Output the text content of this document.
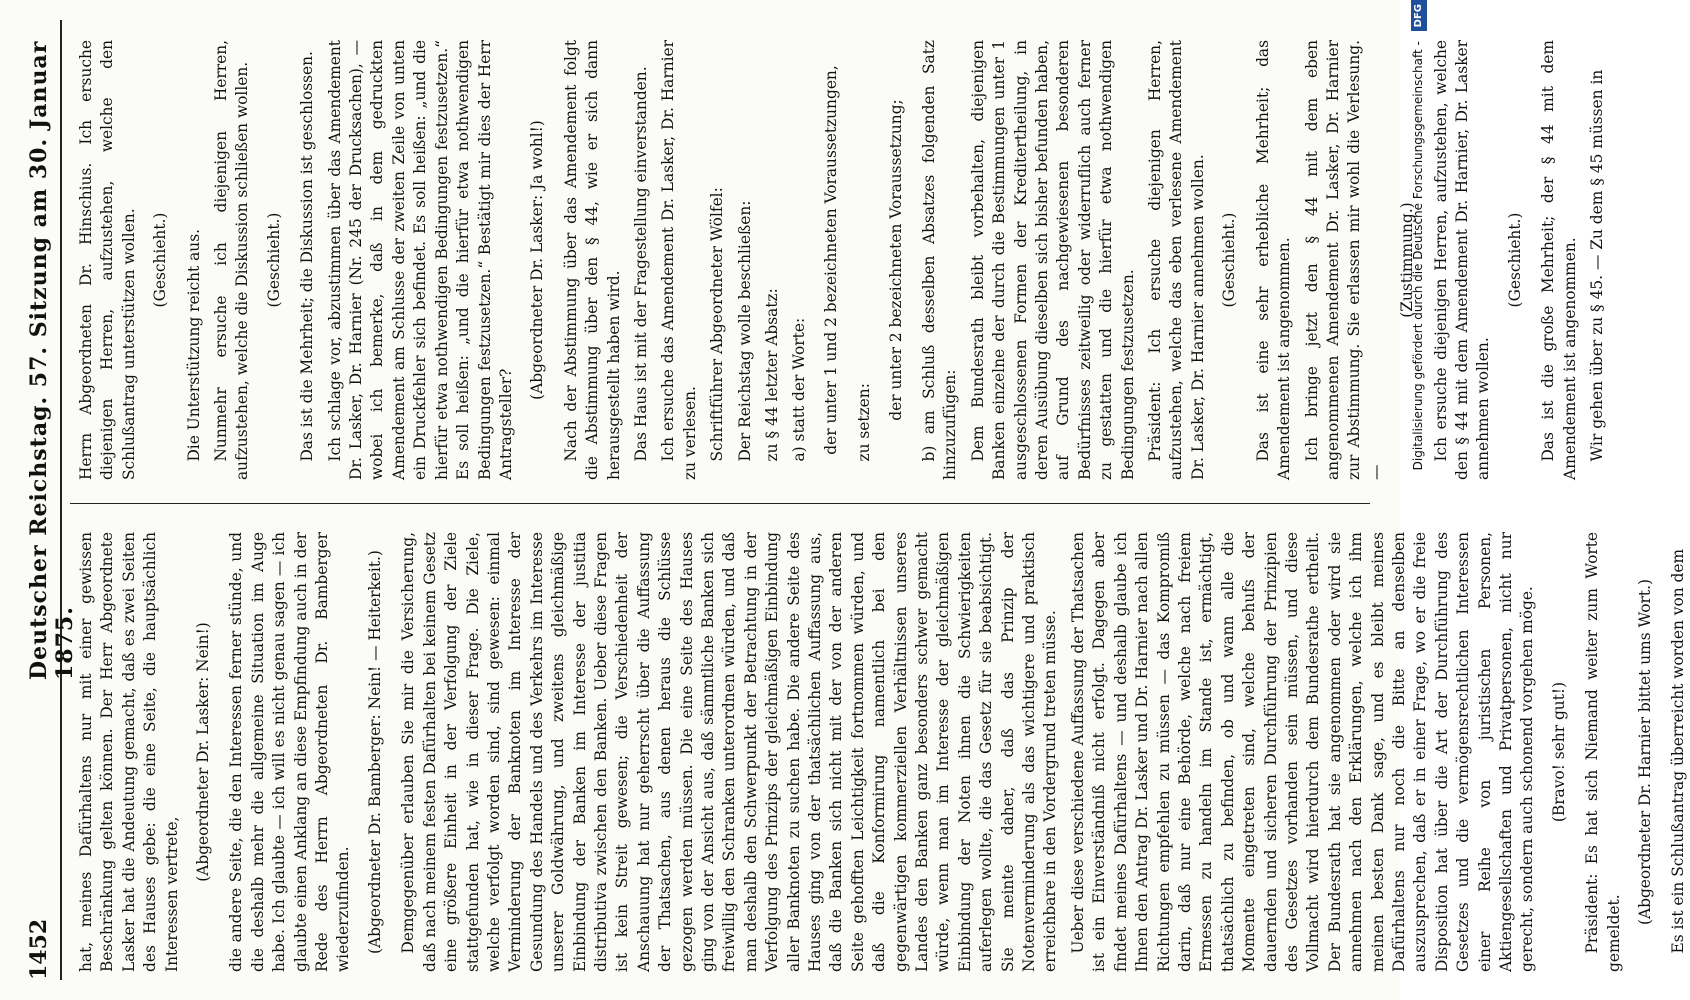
1452
Deutscher Reichstag. 57. Sitzung am 30. Januar 1875. hat, meines Dafürhaltens nur mit einer gewissen Beschränkung gelten können. Der Herr Abgeordnete Lasker hat die Andeutung gemacht, daß es zwei Seiten des Hauses gebe: die eine Seite, die hauptsächlich Interessen vertrete,

(Abgeordneter Dr. Lasker: Nein!) die andere Seite, die den Interessen ferner stünde, und die deshalb mehr die allgemeine Situation im Auge habe. Ich glaubte — ich will es nicht genau sagen — ich glaubte einen Anklang an diese Empfindung auch in der Rede des Herrn Abgeordneten Dr. Bamberger wiederzufinden. (Abgeordneter Dr. Bamberger: Nein! — Heiterkeit.) Demgegenüber erlauben Sie mir die Versicherung, daß nach meinem festen Dafürhalten bei keinem Gesetz eine größere Einheit in der Verfolgung der Ziele stattgefunden hat, wie in dieser Frage. Die Ziele, welche verfolgt worden sind, sind gewesen: einmal Verminderung der Banknoten im Interesse der Gesundung des Handels und des Verkehrs im Interesse unserer Goldwährung, und zweitens gleichmäßige Einbindung der Banken im Interesse der justitia distributiva zwischen den Banken. Ueber diese Fragen ist kein Streit gewesen; die Verschiedenheit der Anschauung hat nur geherrscht über die Auffassung der Thatsachen, aus denen heraus die Schlüsse gezogen werden müssen. Die eine Seite des Hauses ging von der Ansicht aus, daß sämmtliche Banken sich freiwillig den Schranken unterordnen würden, und daß man deshalb den Schwerpunkt der Betrachtung in der Verfolgung des Prinzips der gleichmäßigen Einbindung aller Banknoten zu suchen habe. Die andere Seite des Hauses ging von der thatsächlichen Auffassung aus, daß die Banken sich nicht mit der von der anderen Seite gehofften Leichtigkeit fortnommen würden, und daß die Konformirung namentlich bei den gegenwärtigen kommerziellen Verhältnissen unseres Landes den Banken ganz besonders schwer gemacht würde, wenn man im Interesse der gleichmäßigen Einbindung der Noten ihnen die Schwierigkeiten auferlegen wollte, die das Gesetz für sie beabsichtigt. Sie meinte daher, daß das Prinzip der Notenverminderung als das wichtigere und praktisch erreichbare in den Vordergrund treten müsse. Ueber diese verschiedene Auffassung der Thatsachen ist ein Einverständniß nicht erfolgt. Dagegen aber findet meines Dafürhaltens — und deshalb glaube ich Ihnen den Antrag Dr. Lasker und Dr. Harnier nach allen Richtungen empfehlen zu müssen — das Kompromiß darin, daß nur eine Behörde, welche nach freiem Ermessen zu handeln im Stande ist, ermächtigt, thatsächlich zu befinden, ob und wann alle die Momente eingetreten sind, welche behufs der dauernden und sicheren Durchführung der Prinzipien des Gesetzes vorhanden sein müssen, und diese Vollmacht wird hierdurch dem Bundesrathe ertheilt. Der Bundesrath hat sie angenommen oder wird sie annehmen nach den Erklärungen, welche ich ihm meinen besten Dank sage, und es bleibt meines Dafürhaltens nur noch die Bitte an denselben auszusprechen, daß er in einer Frage, wo er die freie Disposition hat über die Art der Durchführung des Gesetzes und die vermögensrechtlichen Interessen einer Reihe von juristischen Personen, Aktiengesellschaften und Privatpersonen, nicht nur gerecht, sondern auch schonend vorgehen möge. (Bravo! sehr gut!) Präsident: Es hat sich Niemand weiter zum Worte gemeldet.

(Abgeordneter Dr. Harnier bittet ums Wort.) Es ist ein Schlußantrag überreicht worden von dem

Herrn Abgeordneten Dr. Hinschius. Ich ersuche diejenigen Herren, aufzustehen, welche den Schlußantrag unterstützen wollen. (Geschieht.) Die Unterstützung reicht aus. Nunmehr ersuche ich diejenigen Herren, aufzustehen, welche die Diskussion schließen wollen. (Geschieht.) Das ist die Mehrheit; die Diskussion ist geschlossen. Ich schlage vor, abzustimmen über das Amendement Dr. Lasker, Dr. Harnier (Nr. 245 der Drucksachen), — wobei ich bemerke, daß in dem gedruckten Amendement am Schlusse der zweiten Zeile von unten ein Druckfehler sich befindet. Es soll heißen: „und die hierfür etwa nothwendigen Bedingungen festzusetzen.“ Es soll heißen: „und die hierfür etwa nothwendigen Bedingungen festzusetzen.“ Bestätigt mir dies der Herr Antragsteller?

(Abgeordneter Dr. Lasker: Ja wohl!) Nach der Abstimmung über das Amendement folgt die Abstimmung über den § 44, wie er sich dann herausgestellt haben wird. Das Haus ist mit der Fragestellung einverstanden. Ich ersuche das Amendement Dr. Lasker, Dr. Harnier zu verlesen. Schriftführer Abgeordneter Wölfel: Der Reichstag wolle beschließen: zu § 44 letzter Absatz: a) statt der Worte: der unter 1 und 2 bezeichneten Voraussetzungen, zu setzen:

der unter 2 bezeichneten Voraussetzung; b) am Schluß desselben Absatzes folgenden Satz hinzuzufügen: Dem Bundesrath bleibt vorbehalten, diejenigen Banken einzelne der durch die Bestimmungen unter 1 ausgeschlossenen Formen der Kreditertheilung, in deren Ausübung dieselben sich bisher befunden haben, auf Grund des nachgewiesenen besonderen Bedürfnisses zeitweilig oder widerruflich auch ferner zu gestatten und die hierfür etwa nothwendigen Bedingungen festzusetzen. Präsident: Ich ersuche diejenigen Herren, aufzustehen, welche das eben verlesene Amendement Dr. Lasker, Dr. Harnier annehmen wollen. (Geschieht.) Das ist eine sehr erhebliche Mehrheit; das Amendement ist angenommen. Ich bringe jetzt den § 44 mit dem eben angenommenen Amendement Dr. Lasker, Dr. Harnier zur Abstimmung. Sie erlassen mir wohl die Verlesung. —

(Zustimmung.) Ich ersuche diejenigen Herren, aufzustehen, welche den § 44 mit dem Amendement Dr. Harnier, Dr. Lasker annehmen wollen.

(Geschieht.) Das ist die große Mehrheit; der § 44 mit dem Amendement ist angenommen. Wir gehen über zu § 45. — Zu dem § 45 müssen in

Digitalisierung gefördert durch die Deutsche Forschungsgemeinschaft - DFG
